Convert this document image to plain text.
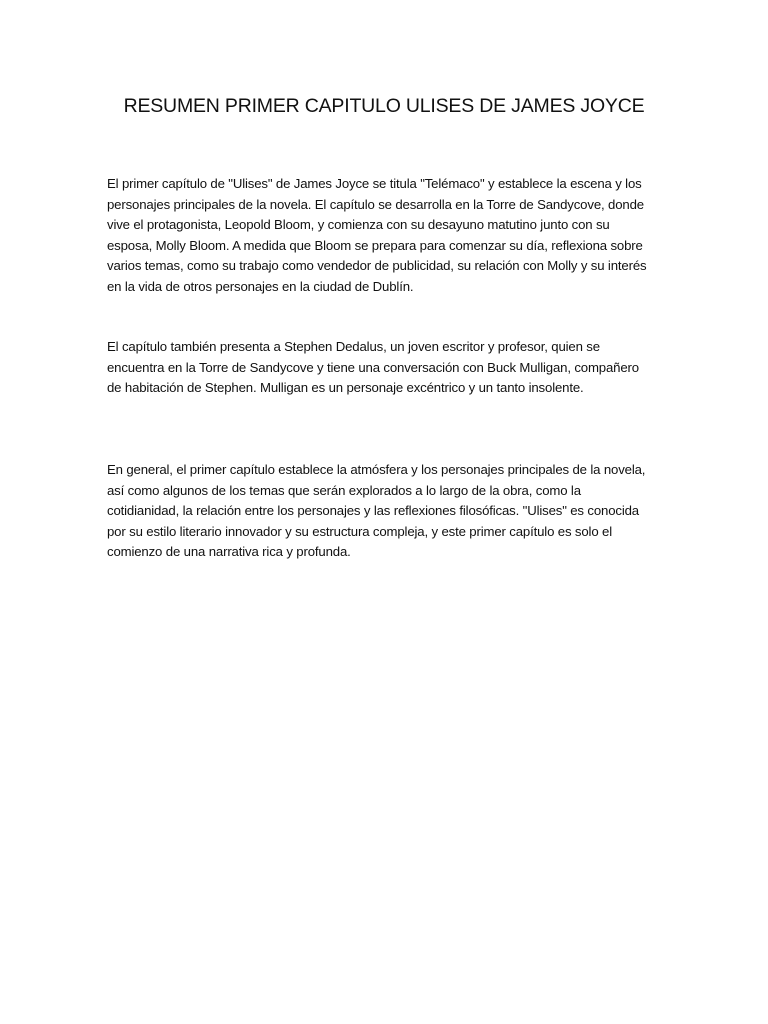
RESUMEN PRIMER CAPITULO ULISES DE JAMES JOYCE

El primer capítulo de "Ulises" de James Joyce se titula "Telémaco" y establece la escena y los personajes principales de la novela. El capítulo se desarrolla en la Torre de Sandycove, donde vive el protagonista, Leopold Bloom, y comienza con su desayuno matutino junto con su esposa, Molly Bloom. A medida que Bloom se prepara para comenzar su día, reflexiona sobre varios temas, como su trabajo como vendedor de publicidad, su relación con Molly y su interés en la vida de otros personajes en la ciudad de Dublín.

El capítulo también presenta a Stephen Dedalus, un joven escritor y profesor, quien se encuentra en la Torre de Sandycove y tiene una conversación con Buck Mulligan, compañero de habitación de Stephen. Mulligan es un personaje excéntrico y un tanto insolente.

En general, el primer capítulo establece la atmósfera y los personajes principales de la novela, así como algunos de los temas que serán explorados a lo largo de la obra, como la cotidianidad, la relación entre los personajes y las reflexiones filosóficas. "Ulises" es conocida por su estilo literario innovador y su estructura compleja, y este primer capítulo es solo el comienzo de una narrativa rica y profunda.
